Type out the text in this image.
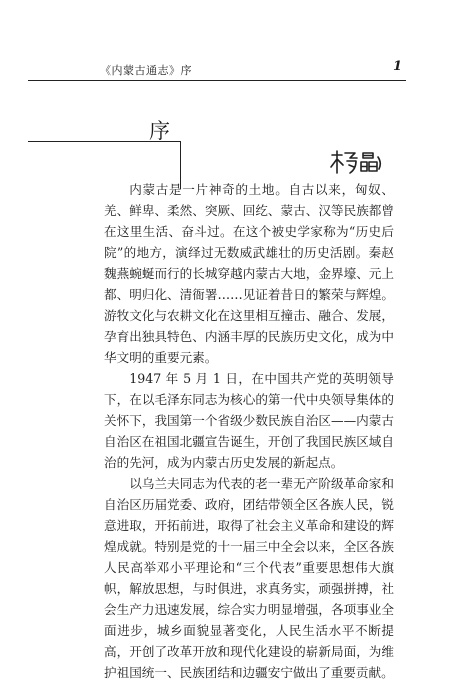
《内蒙古通志》序	1
序

内蒙古是一片神奇的土地。自古以来，匈奴、羌、鲜卑、柔然、突厥、回纥、蒙古、汉等民族都曾在这里生活、奋斗过。在这个被史学家称为“历史后院”的地方，演绎过无数威武雄壮的历史活剧。秦赵魏燕蜿蜒而行的长城穿越内蒙古大地，金界壕、元上都、明归化、清衙署……见证着昔日的繁荣与辉煌。游牧文化与农耕文化在这里相互撞击、融合、发展，孕育出独具特色、内涵丰厚的民族历史文化，成为中华文明的重要元素。

1947 年 5 月 1 日，在中国共产党的英明领导下，在以毛泽东同志为核心的第一代中央领导集体的关怀下，我国第一个省级少数民族自治区——内蒙古自治区在祖国北疆宣告诞生，开创了我国民族区域自治的先河，成为内蒙古历史发展的新起点。

以乌兰夫同志为代表的老一辈无产阶级革命家和自治区历届党委、政府，团结带领全区各族人民，锐意进取，开拓前进，取得了社会主义革命和建设的辉煌成就。特别是党的十一届三中全会以来，全区各族人民高举邓小平理论和“三个代表”重要思想伟大旗帜，解放思想，与时俱进，求真务实，顽强拼搏，社会生产力迅速发展，综合实力明显增强，各项事业全面进步，城乡面貌显著变化，人民生活水平不断提高，开创了改革开放和现代化建设的崭新局面，为维护祖国统一、民族团结和边疆安宁做出了重要贡献。
